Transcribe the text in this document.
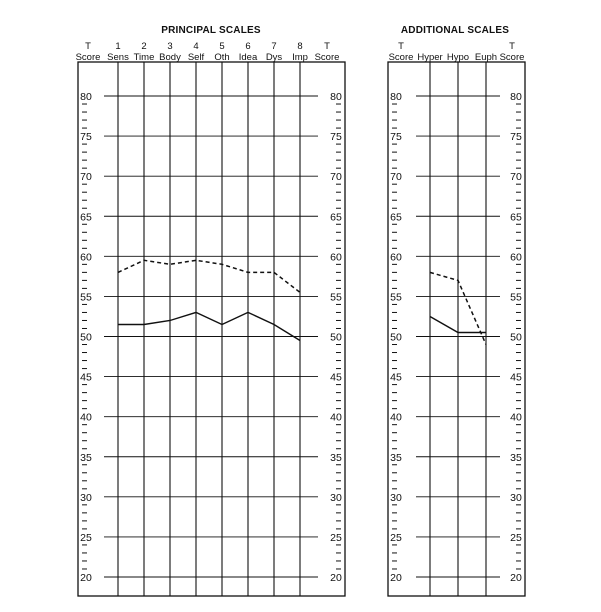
PRINCIPAL SCALES
T
Score
T
Score
1
Sens
2
Time
3
Body
4
Self
5
Oth
6
Idea
7
Dys
8
Imp
80	80
75	75
70	70
65	65
60	60
55	55
50	50
45	45
40	40
35	35
30	30
25	25
20	20
ADDITIONAL SCALES
T
Score
T
Score
Hyper Hypo Euph
80	80
75	75
70	70
65	65
60	60
55	55
50	50
45	45
40	40
35	35
30	30
25	25
20	20
